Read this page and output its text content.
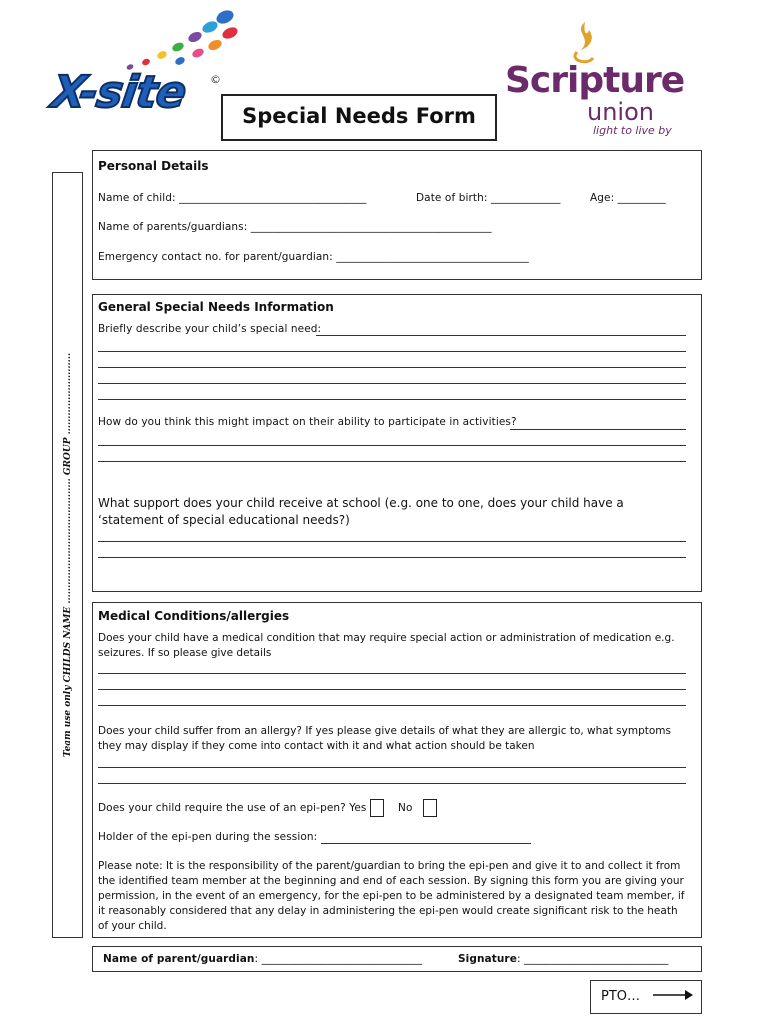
X-site ©	Scripture
union
light to live by
Special Needs Form
Team use only CHILDS NAME ........................................ GROUP ..........................
Personal Details
Name of child: ___________________________________	Date of birth: _____________	Age: _________
Name of parents/guardians: _____________________________________________
Emergency contact no. for parent/guardian: ____________________________________
General Special Needs Information
Briefly describe your child’s special need:
How do you think this might impact on their ability to participate in activities?
What support does your child receive at school (e.g. one to one, does your child have a ‘statement of special educational needs?)
Medical Conditions/allergies
Does your child have a medical condition that may require special action or administration of medication e.g. seizures. If so please give details
Does your child suffer from an allergy? If yes please give details of what they are allergic to, what symptoms they may display if they come into contact with it and what action should be taken
Does your child require the use of an epi-pen? Yes	No
Holder of the epi-pen during the session:
Please note: It is the responsibility of the parent/guardian to bring the epi-pen and give it to and collect it from the identified team member at the beginning and end of each session. By signing this form you are giving your permission, in the event of an emergency, for the epi-pen to be administered by a designated team member, if it reasonably considered that any delay in administering the epi-pen would create significant risk to the heath of your child.
Name of parent/guardian: ______________________________	Signature: ___________________________
PTO…
